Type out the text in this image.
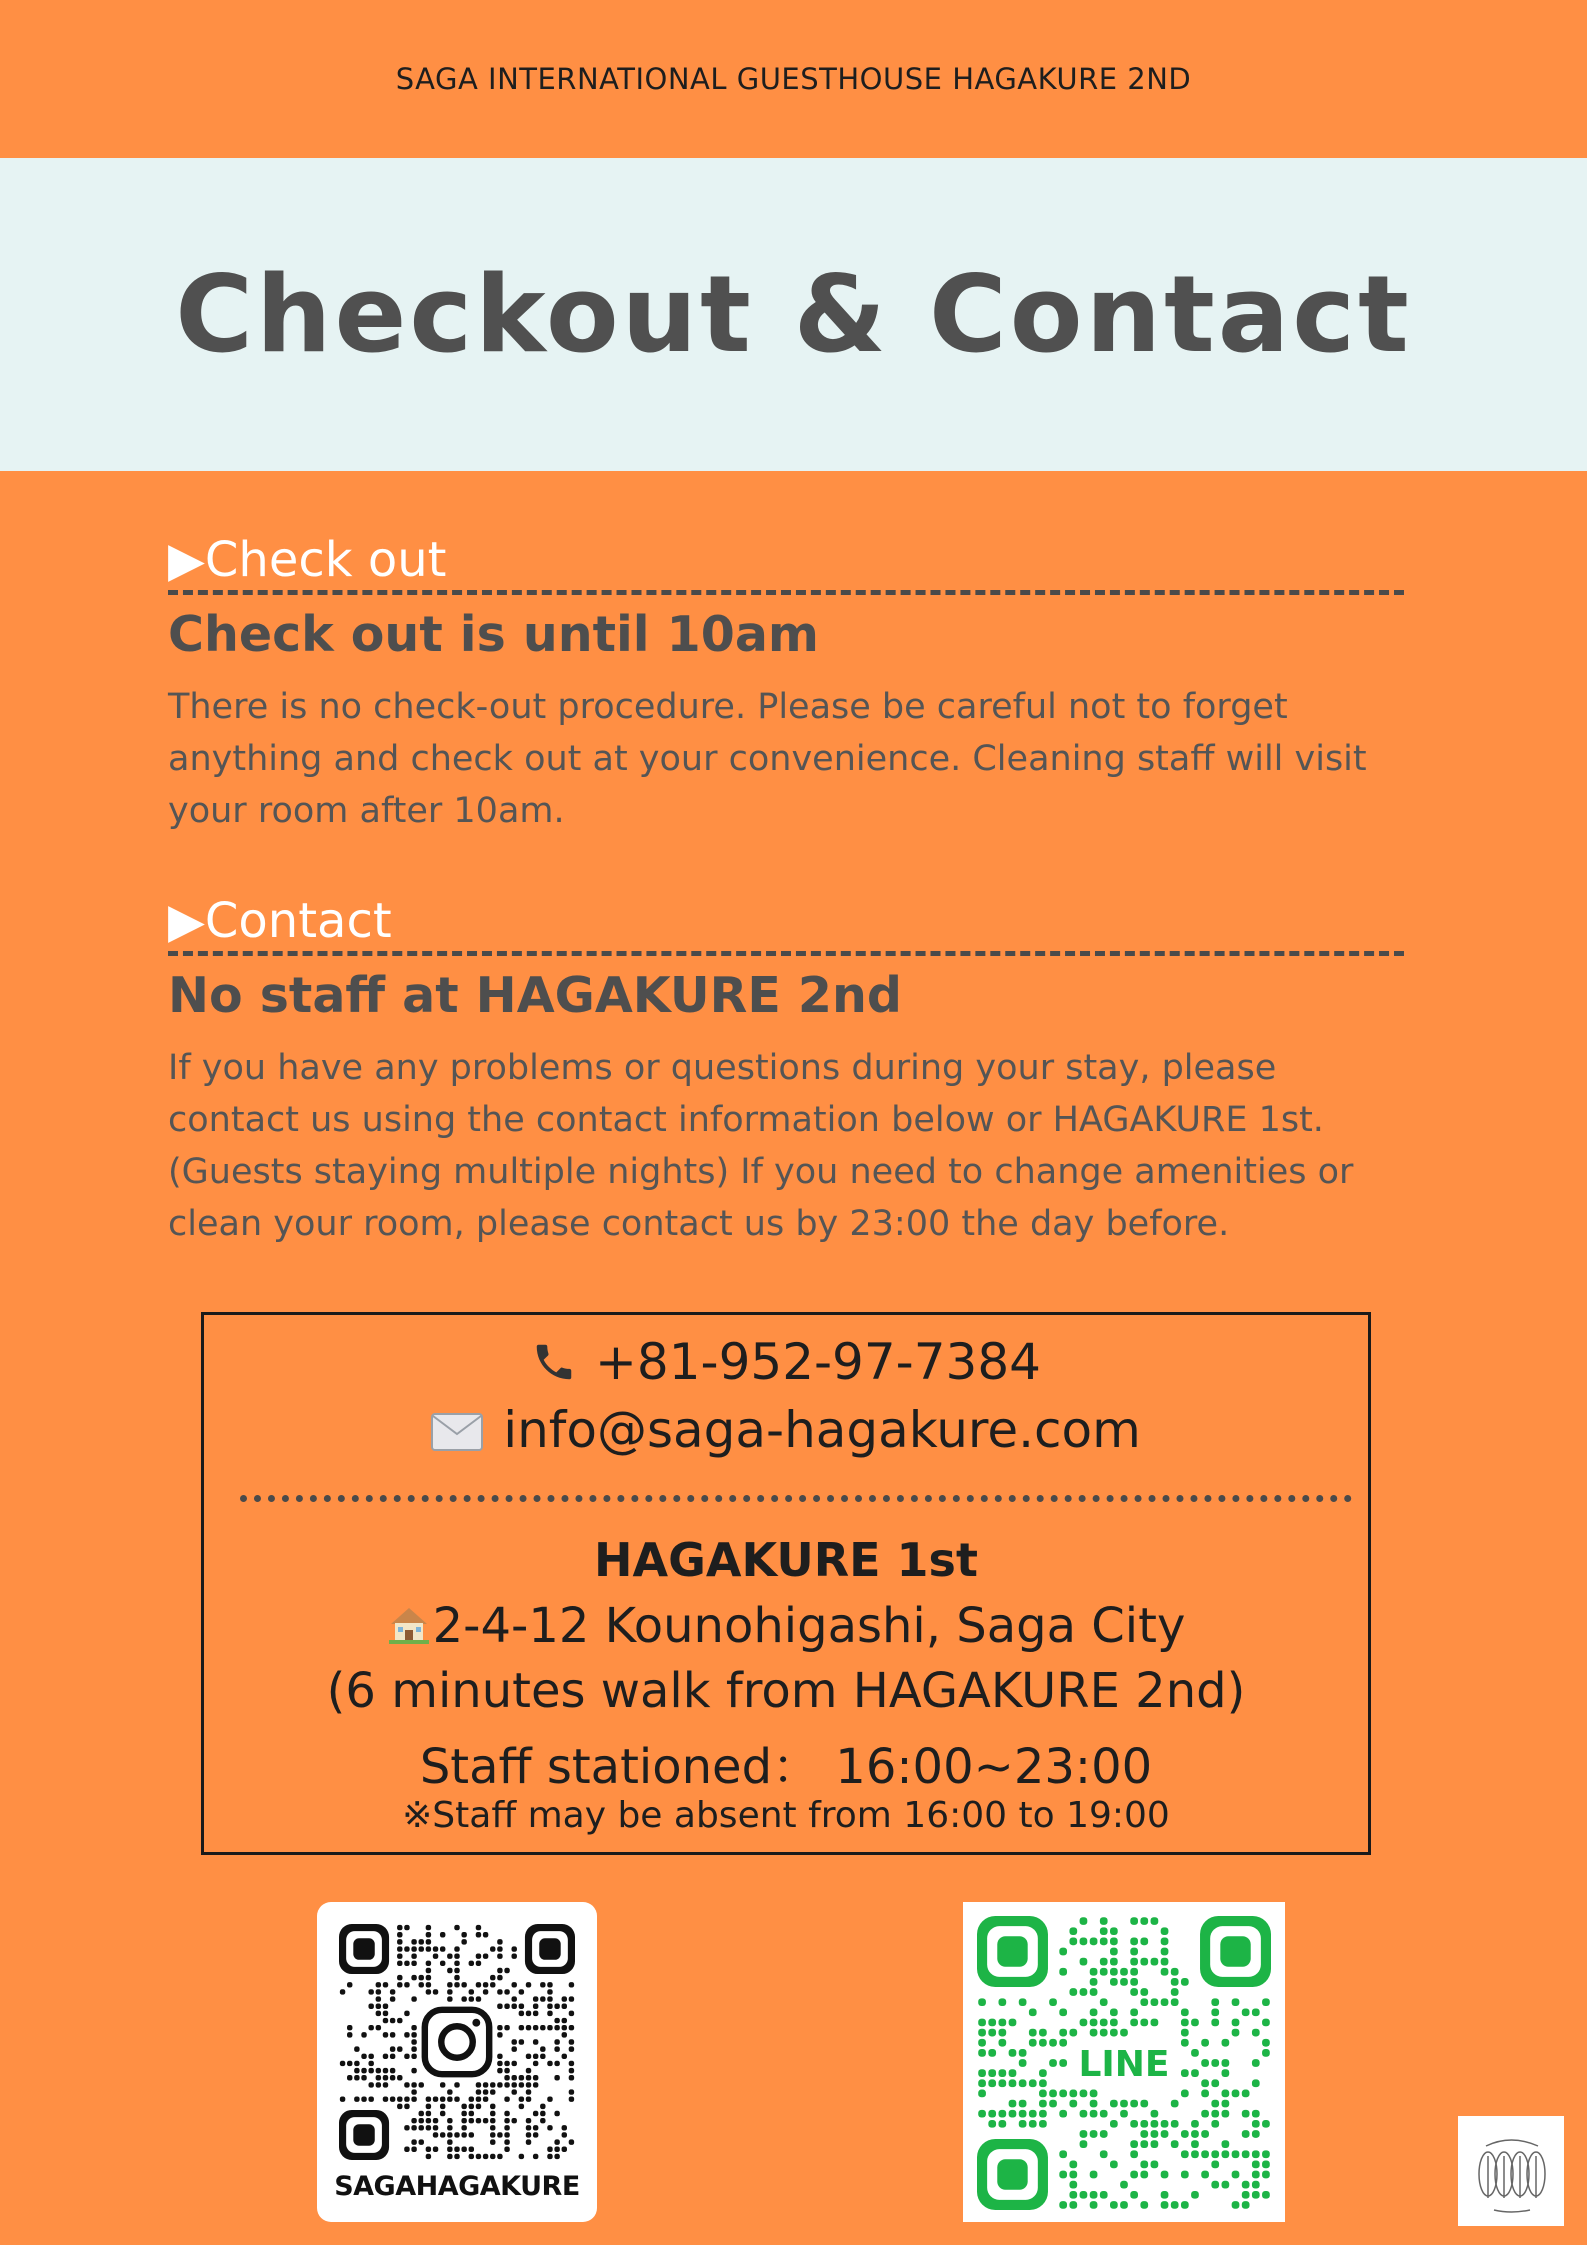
SAGA INTERNATIONAL GUESTHOUSE HAGAKURE 2ND
Checkout & Contact
▶Check out
Check out is until 10am
There is no check-out procedure. Please be careful not to forget anything and check out at your convenience. Cleaning staff will visit your room after 10am.
▶Contact
No staff at HAGAKURE 2nd
If you have any problems or questions during your stay, please contact us using the contact information below or HAGAKURE 1st. (Guests staying multiple nights) If you need to change amenities or clean your room, please contact us by 23:00 the day before.
+81-952-97-7384
info@saga-hagakure.com
HAGAKURE 1st
2-4-12 Kounohigashi, Saga City
(6 minutes walk from HAGAKURE 2nd)
Staff stationed： 16:00~23:00
※Staff may be absent from 16:00 to 19:00
SAGAHAGAKURE
LINE
